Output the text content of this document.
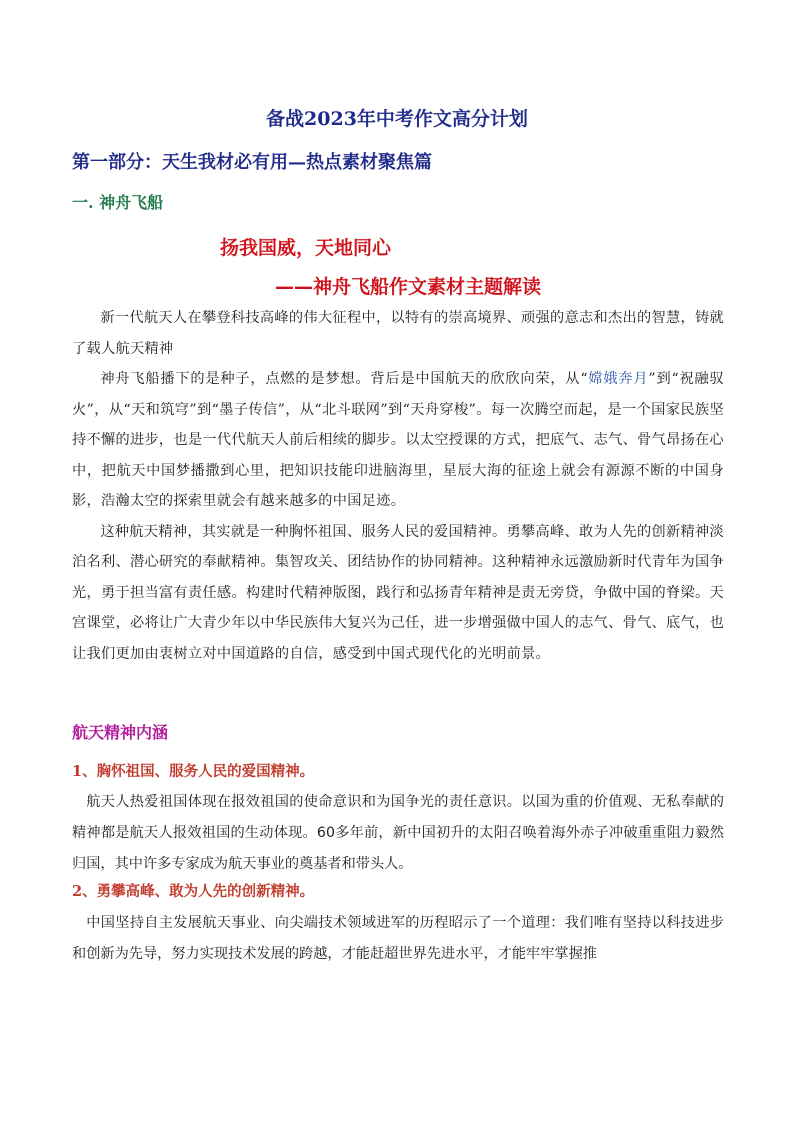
备战2023年中考作文高分计划
第一部分：天生我材必有用—热点素材聚焦篇
一. 神舟飞船
扬我国威，天地同心
——神舟飞船作文素材主题解读

新一代航天人在攀登科技高峰的伟大征程中，以特有的崇高境界、顽强的意志和杰出的智慧，铸就了载人航天精神

神舟飞船播下的是种子，点燃的是梦想。背后是中国航天的欣欣向荣，从“嫦娥奔月”到“祝融驭火”，从“天和筑穹”到“墨子传信”，从“北斗联网”到“天舟穿梭”。每一次腾空而起，是一个国家民族坚持不懈的进步，也是一代代航天人前后相续的脚步。以太空授课的方式，把底气、志气、骨气昂扬在心中，把航天中国梦播撒到心里，把知识技能印进脑海里，星辰大海的征途上就会有源源不断的中国身影，浩瀚太空的探索里就会有越来越多的中国足迹。

这种航天精神，其实就是一种胸怀祖国、服务人民的爱国精神。勇攀高峰、敢为人先的创新精神淡泊名利、潜心研究的奉献精神。集智攻关、团结协作的协同精神。这种精神永远激励新时代青年为国争光，勇于担当富有责任感。构建时代精神版图，践行和弘扬青年精神是责无旁贷，争做中国的脊梁。天宫课堂，必将让广大青少年以中华民族伟大复兴为己任，进一步增强做中国人的志气、骨气、底气，也让我们更加由衷树立对中国道路的自信，感受到中国式现代化的光明前景。

航天精神内涵
1、胸怀祖国、服务人民的爱国精神。

航天人热爱祖国体现在报效祖国的使命意识和为国争光的责任意识。以国为重的价值观、无私奉献的精神都是航天人报效祖国的生动体现。60多年前，新中国初升的太阳召唤着海外赤子冲破重重阻力毅然归国，其中许多专家成为航天事业的奠基者和带头人。

2、勇攀高峰、敢为人先的创新精神。

中国坚持自主发展航天事业、向尖端技术领域进军的历程昭示了一个道理：我们唯有坚持以科技进步和创新为先导，努力实现技术发展的跨越，才能赶超世界先进水平，才能牢牢掌握推
